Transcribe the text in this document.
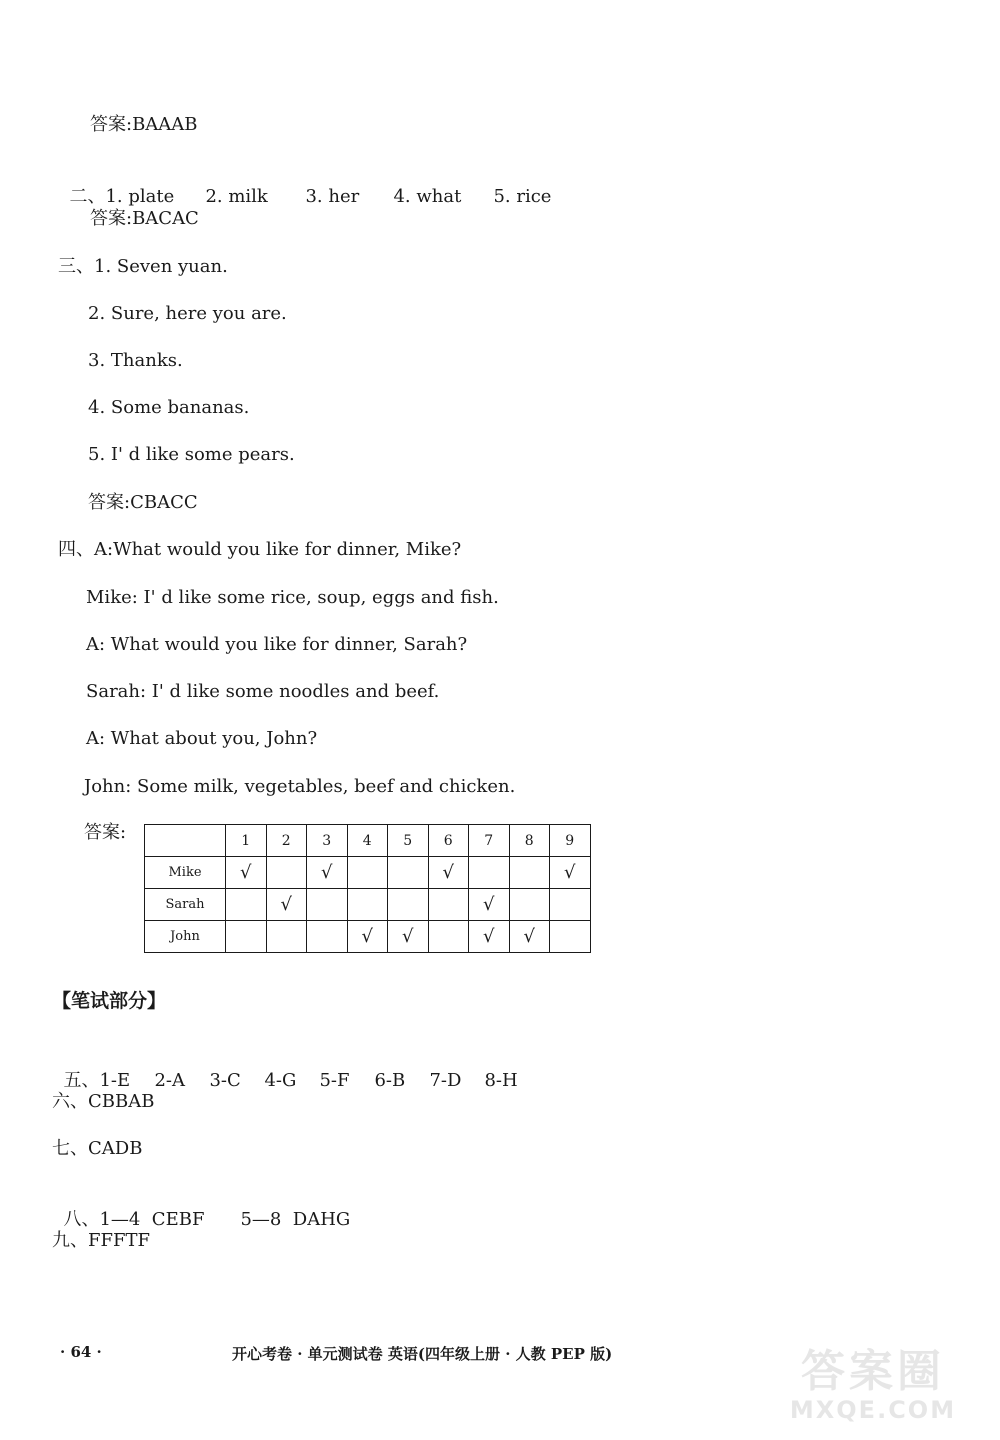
答案:BAAAB

二、1. plate 2. milk 3. her 4. what 5. rice

答案:BACAC
三、1. Seven yuan.
2. Sure, here you are.
3. Thanks.
4. Some bananas.
5. I' d like some pears.
答案:CBACC
四、A:What would you like for dinner, Mike?
Mike: I' d like some rice, soup, eggs and fish.
A: What would you like for dinner, Sarah?
Sarah: I' d like some noodles and beef.
A: What about you, John?
John: Some milk, vegetables, beef and chicken.
答案:
		1	2	3	4	5	6	7	8	9
Mike	√		√			√			√
Sarah		√					√		
John				√	√		√	√	
【笔试部分】

五、1-E 2-A 3-C 4-G 5-F 6-B 7-D 8-H

六、CBBAB
七、CADB

八、1—4  CEBF 5—8  DAHG

九、FFFTF
· 64 ·	开心考卷 · 单元测试卷 英语(四年级上册 · 人教 PEP 版)	答案圈
MXQE.COM
